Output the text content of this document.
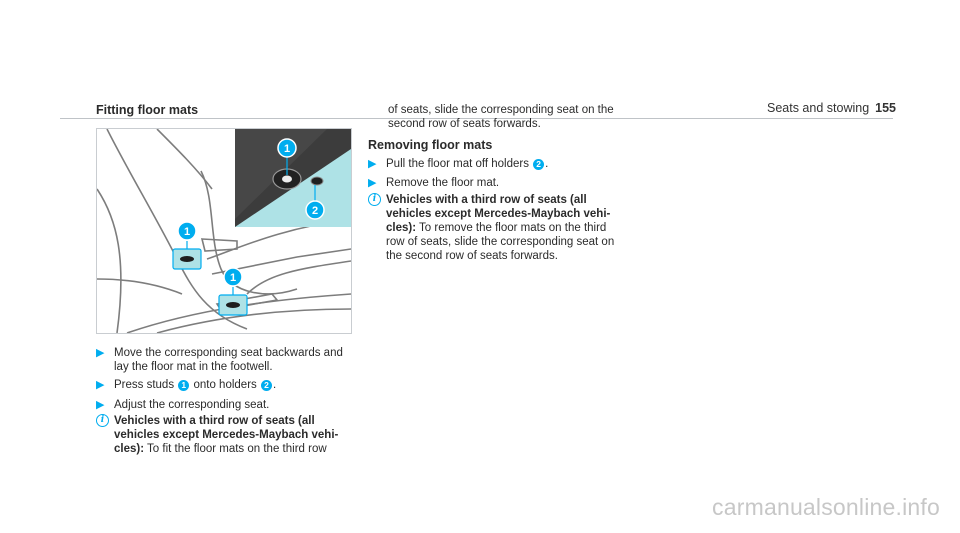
Seats and stowing 155
Fitting floor mats
1
2
1
1
▶ Move the corresponding seat backwards and
lay the floor mat in the footwell.
▶ Press studs 1 onto holders 2 .
▶ Adjust the corresponding seat.
i Vehicles with a third row of seats (all
vehicles except Mercedes-Maybach vehi-
cles): To fit the floor mats on the third row
of seats, slide the corresponding seat on the
second row of seats forwards.
Removing floor mats
▶ Pull the floor mat off holders 2 .
▶ Remove the floor mat.
i Vehicles with a third row of seats (all
vehicles except Mercedes-Maybach vehi-
cles): To remove the floor mats on the third
row of seats, slide the corresponding seat on
the second row of seats forwards.
carmanualsonline.info
